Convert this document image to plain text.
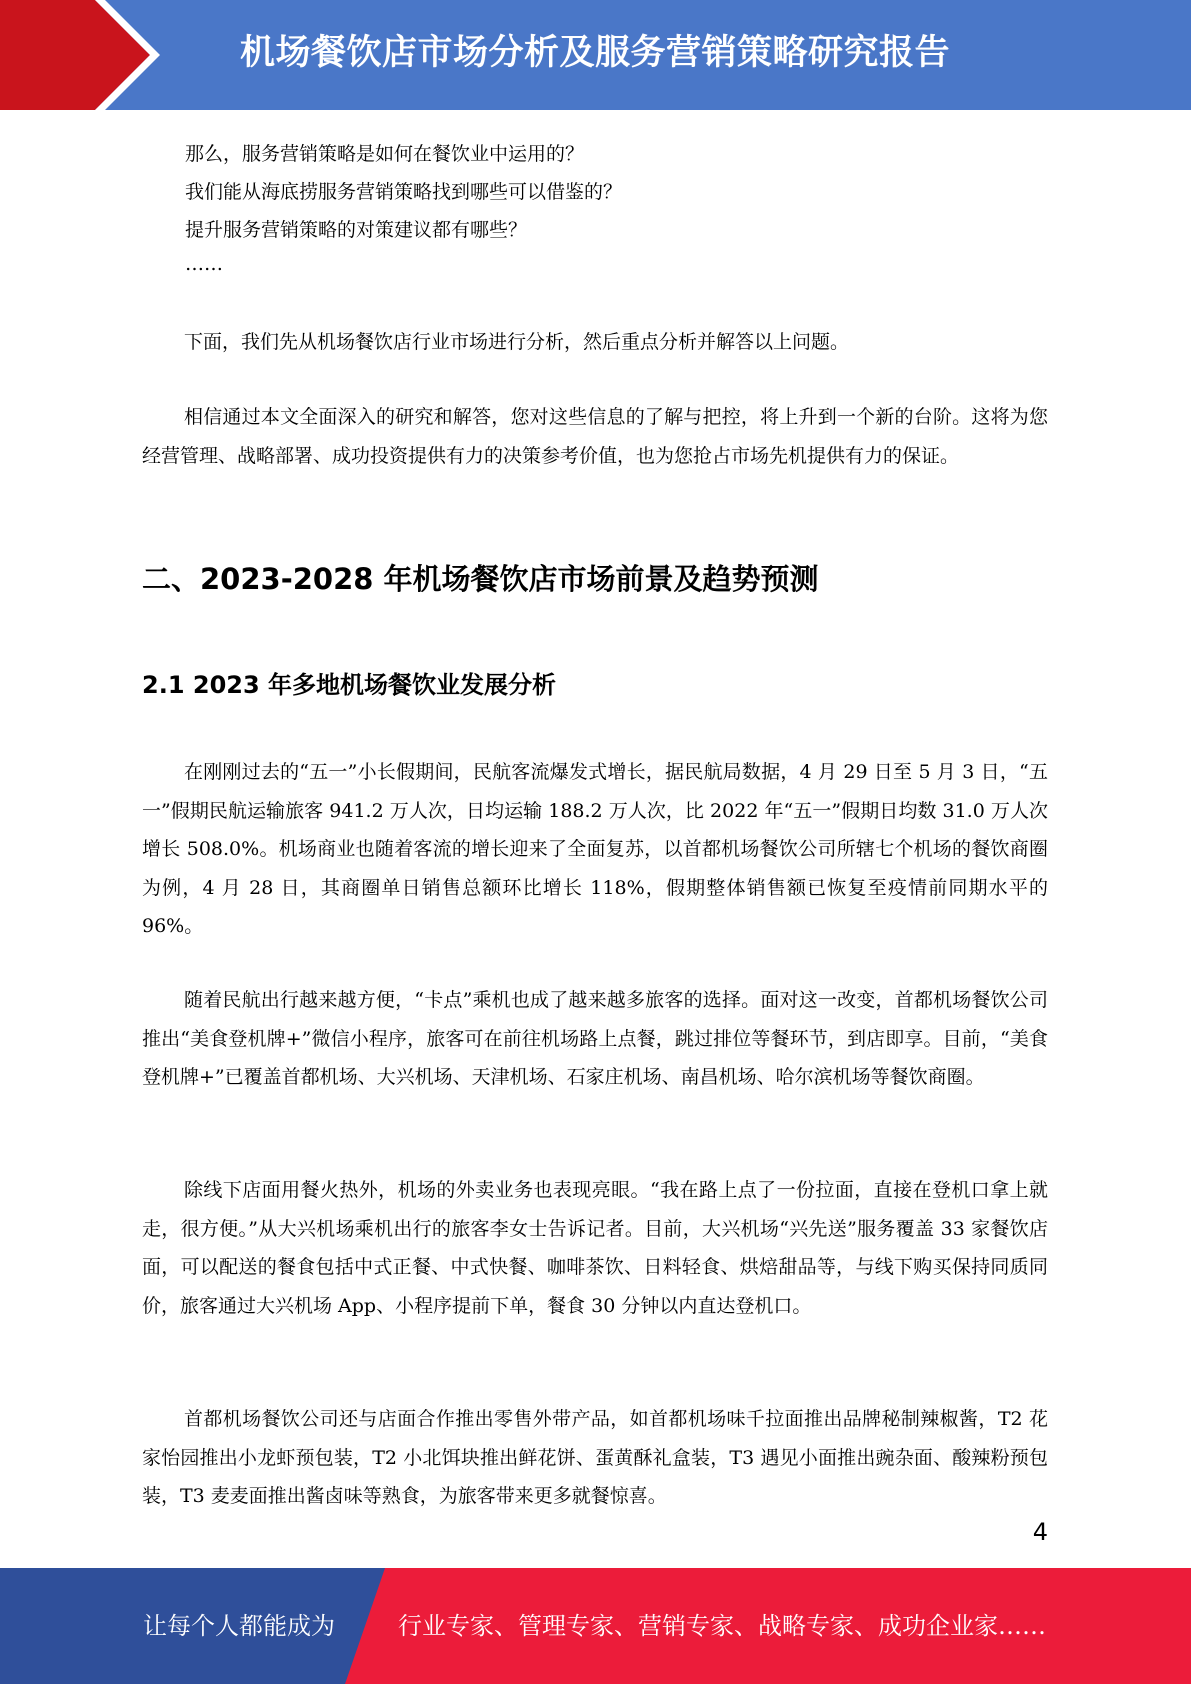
机场餐饮店市场分析及服务营销策略研究报告
那么，服务营销策略是如何在餐饮业中运用的？
我们能从海底捞服务营销策略找到哪些可以借鉴的？
提升服务营销策略的对策建议都有哪些？
……

下面，我们先从机场餐饮店行业市场进行分析，然后重点分析并解答以上问题。

相信通过本文全面深入的研究和解答，您对这些信息的了解与把控，将上升到一个新的台阶。这将为您经营管理、战略部署、成功投资提供有力的决策参考价值，也为您抢占市场先机提供有力的保证。

二、2023-2028 年机场餐饮店市场前景及趋势预测
2.1 2023 年多地机场餐饮业发展分析

在刚刚过去的“五一”小长假期间，民航客流爆发式增长，据民航局数据，4 月 29 日至 5 月 3 日，“五一”假期民航运输旅客 941.2 万人次，日均运输 188.2 万人次，比 2022 年“五一”假期日均数 31.0 万人次增长 508.0%。机场商业也随着客流的增长迎来了全面复苏，以首都机场餐饮公司所辖七个机场的餐饮商圈为例，4 月 28 日，其商圈单日销售总额环比增长 118%，假期整体销售额已恢复至疫情前同期水平的 96%。

随着民航出行越来越方便，“卡点”乘机也成了越来越多旅客的选择。面对这一改变，首都机场餐饮公司推出“美食登机牌+”微信小程序，旅客可在前往机场路上点餐，跳过排位等餐环节，到店即享。目前，“美食登机牌+”已覆盖首都机场、大兴机场、天津机场、石家庄机场、南昌机场、哈尔滨机场等餐饮商圈。

除线下店面用餐火热外，机场的外卖业务也表现亮眼。“我在路上点了一份拉面，直接在登机口拿上就走，很方便。”从大兴机场乘机出行的旅客李女士告诉记者。目前，大兴机场“兴先送”服务覆盖 33 家餐饮店面，可以配送的餐食包括中式正餐、中式快餐、咖啡茶饮、日料轻食、烘焙甜品等，与线下购买保持同质同价，旅客通过大兴机场 App、小程序提前下单，餐食 30 分钟以内直达登机口。

首都机场餐饮公司还与店面合作推出零售外带产品，如首都机场味千拉面推出品牌秘制辣椒酱，T2 花家怡园推出小龙虾预包装，T2 小北饵块推出鲜花饼、蛋黄酥礼盒装，T3 遇见小面推出豌杂面、酸辣粉预包装，T3 麦麦面推出酱卤味等熟食，为旅客带来更多就餐惊喜。

4
让每个人都能成为	行业专家、管理专家、营销专家、战略专家、成功企业家……
